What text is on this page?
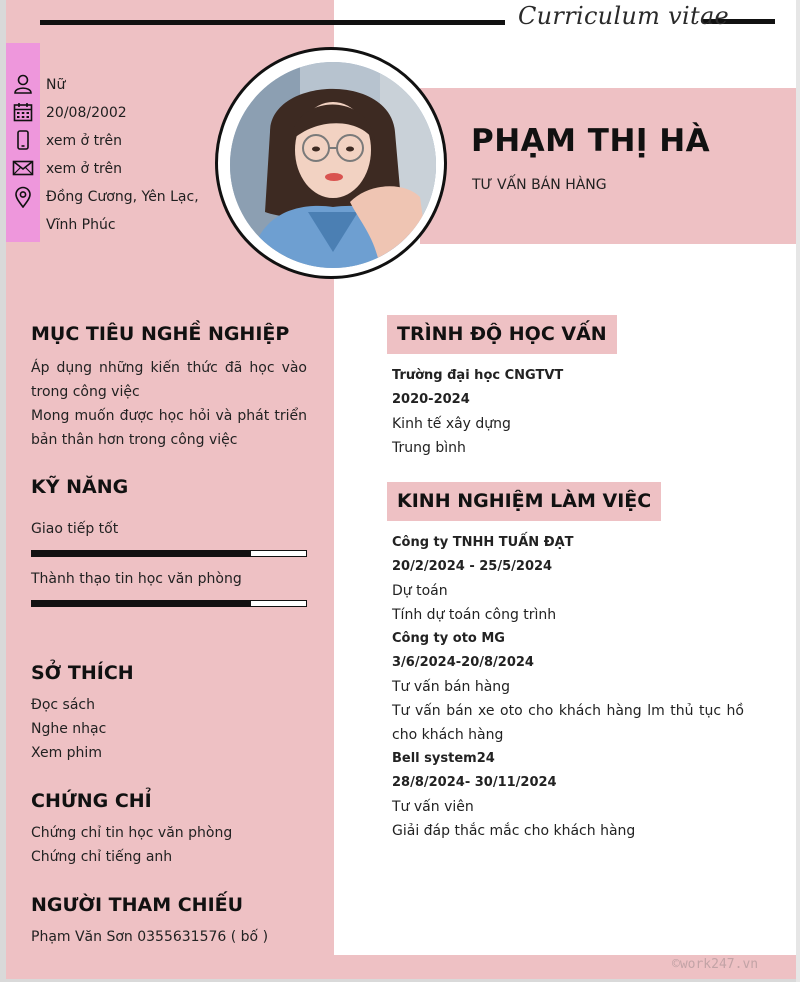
Curriculum vitae
Nữ
20/08/2002
xem ở trên
xem ở trên
Đồng Cương, Yên Lạc,
Vĩnh Phúc
PHẠM THỊ HÀ
TƯ VẤN BÁN HÀNG
MỤC TIÊU NGHỀ NGHIỆP
Áp dụng những kiến thức đã học vào trong công việc
Mong muốn được học hỏi và phát triển bản thân hơn trong công việc
KỸ NĂNG
Giao tiếp tốt
Thành thạo tin học văn phòng
SỞ THÍCH
Đọc sách
Nghe nhạc
Xem phim
CHỨNG CHỈ
Chứng chỉ tin học văn phòng
Chứng chỉ tiếng anh
NGƯỜI THAM CHIẾU
Phạm Văn Sơn 0355631576 ( bố )
TRÌNH ĐỘ HỌC VẤN
Trường đại học CNGTVT
2020-2024
Kinh tế xây dựng
Trung bình
KINH NGHIỆM LÀM VIỆC
Công ty TNHH TUẤN ĐẠT
20/2/2024 - 25/5/2024
Dự toán
Tính dự toán công trình
Công ty oto MG
3/6/2024-20/8/2024
Tư vấn bán hàng
Tư vấn bán xe oto cho khách hàng lm thủ tục hồ cho khách hàng
Bell system24
28/8/2024- 30/11/2024
Tư vấn viên
Giải đáp thắc mắc cho khách hàng
©work247.vn
